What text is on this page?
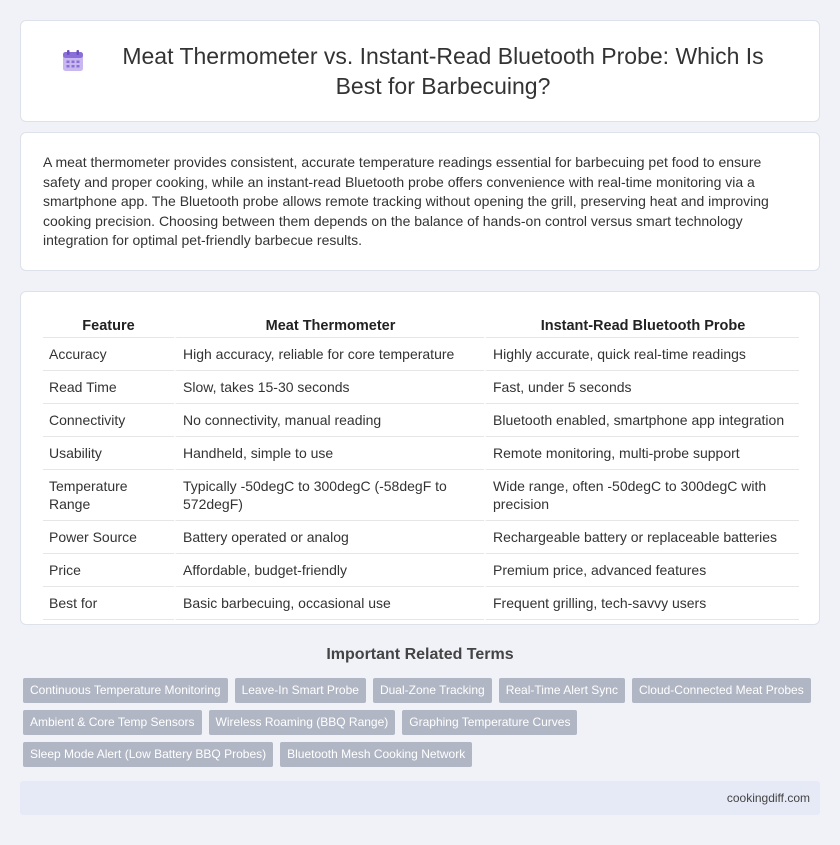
Meat Thermometer vs. Instant-Read Bluetooth Probe: Which Is Best for Barbecuing?

A meat thermometer provides consistent, accurate temperature readings essential for barbecuing pet food to ensure safety and proper cooking, while an instant-read Bluetooth probe offers convenience with real-time monitoring via a smartphone app. The Bluetooth probe allows remote tracking without opening the grill, preserving heat and improving cooking precision. Choosing between them depends on the balance of hands-on control versus smart technology integration for optimal pet-friendly barbecue results.

Feature	Meat Thermometer	Instant-Read Bluetooth Probe
Accuracy	High accuracy, reliable for core temperature	Highly accurate, quick real-time readings
Read Time	Slow, takes 15-30 seconds	Fast, under 5 seconds
Connectivity	No connectivity, manual reading	Bluetooth enabled, smartphone app integration
Usability	Handheld, simple to use	Remote monitoring, multi-probe support
Temperature Range	Typically -50degC to 300degC (-58degF to 572degF)	Wide range, often -50degC to 300degC with precision
Power Source	Battery operated or analog	Rechargeable battery or replaceable batteries
Price	Affordable, budget-friendly	Premium price, advanced features
Best for	Basic barbecuing, occasional use	Frequent grilling, tech-savvy users
Important Related Terms
Continuous Temperature Monitoring	Leave-In Smart Probe	Dual-Zone Tracking	Real-Time Alert Sync	Cloud-Connected Meat Probes
Ambient & Core Temp Sensors	Wireless Roaming (BBQ Range)	Graphing Temperature Curves
Sleep Mode Alert (Low Battery BBQ Probes)	Bluetooth Mesh Cooking Network
cookingdiff.com
